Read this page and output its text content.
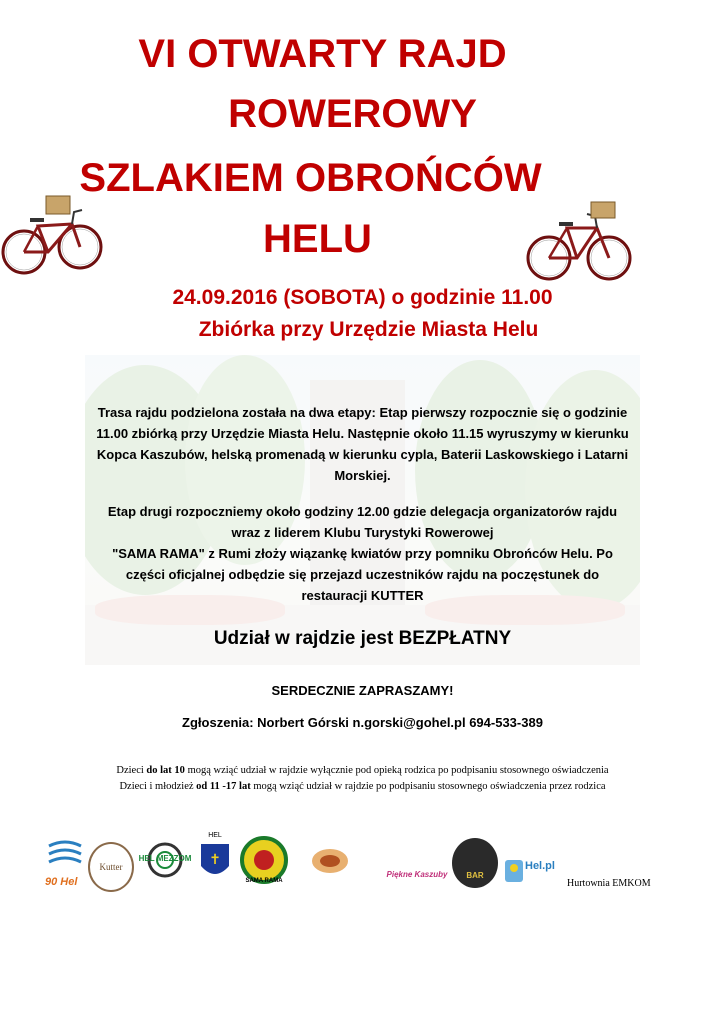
VI OTWARTY RAJD
ROWEROWY
SZLAKIEM OBROŃCÓW
HELU

24.09.2016 (SOBOTA) o godzinie 11.00

Zbiórka przy Urzędzie Miasta Helu

Trasa rajdu podzielona została na dwa etapy: Etap pierwszy rozpocznie się o godzinie
11.00 zbiórką przy Urzędzie Miasta Helu. Następnie około 11.15 wyruszymy w kierunku
Kopca Kaszubów, helską promenadą w kierunku cypla, Baterii Laskowskiego i Latarni
Morskiej.

Etap drugi rozpoczniemy około godziny 12.00 gdzie delegacja organizatorów rajdu
wraz z liderem Klubu Turystyki Rowerowej
"SAMA RAMA" z Rumi złoży wiązankę kwiatów przy pomniku Obrońców Helu. Po
części oficjalnej odbędzie się przejazd uczestników rajdu na poczęstunek do
restauracji KUTTER

Udział w rajdzie jest BEZPŁATNY

SERDECZNIE ZAPRASZAMY!

Zgłoszenia: Norbert Górski n.gorski@gohel.pl 694-533-389

Dzieci do lat 10 mogą wziąć udział w rajdzie wyłącznie pod opieką rodzica po podpisaniu stosownego oświadczenia

Dzieci i młodzież od 11 -17 lat mogą wziąć udział w rajdzie po podpisaniu stosownego oświadczenia przez rodzica

90 Hel
Kutter
HEL MEZZOM ✝
HEL
SAMA RAMA
Piękne Kaszuby	BAR
Hel.pl
Hurtownia EMKOM
